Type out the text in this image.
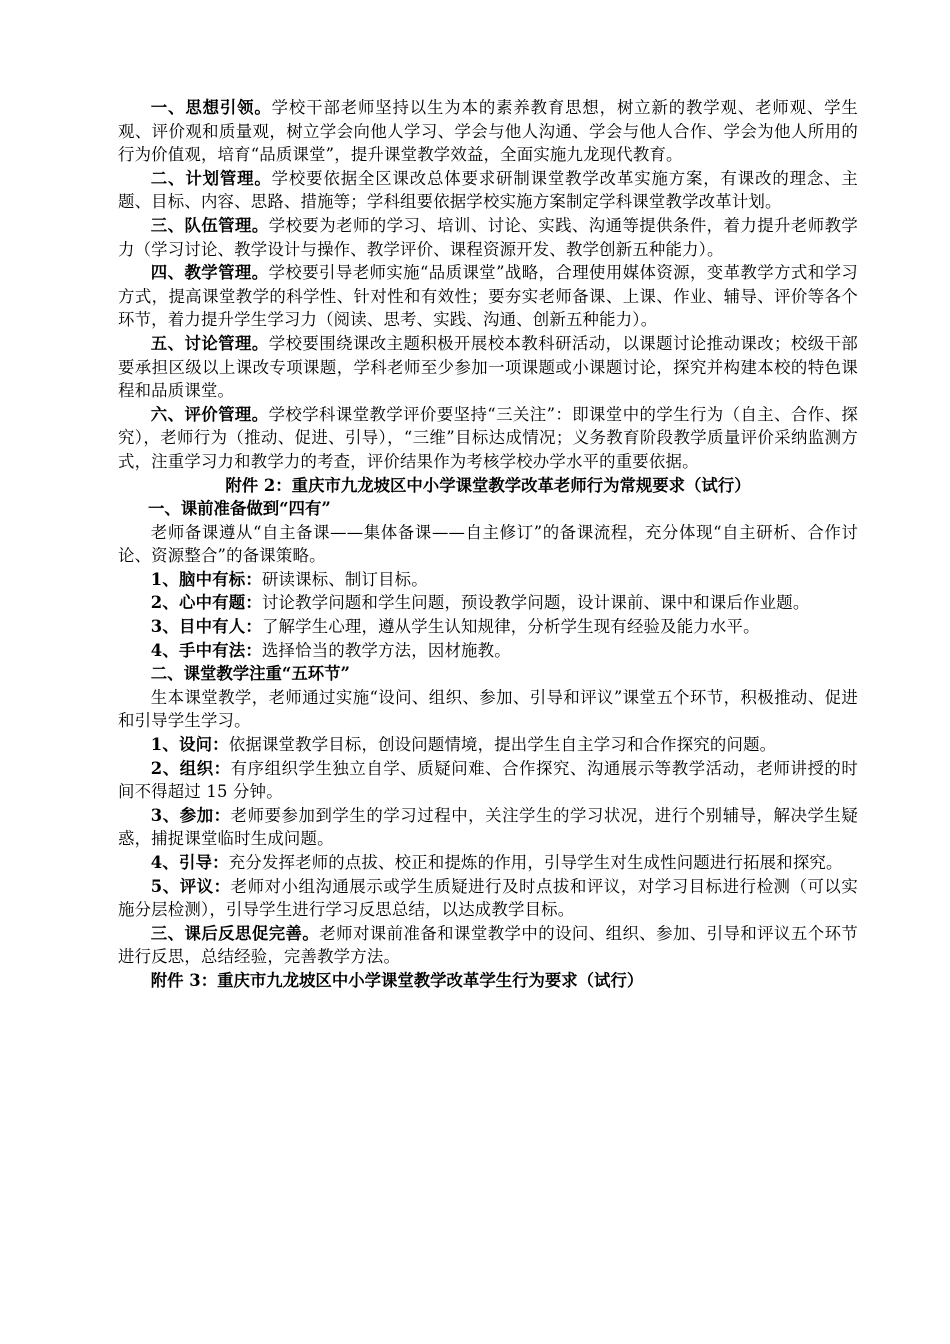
一、思想引领。学校干部老师坚持以生为本的素养教育思想，树立新的教学观、老师观、学生观、评价观和质量观，树立学会向他人学习、学会与他人沟通、学会与他人合作、学会为他人所用的行为价值观，培育“品质课堂”，提升课堂教学效益，全面实施九龙现代教育。

二、计划管理。学校要依据全区课改总体要求研制课堂教学改革实施方案，有课改的理念、主题、目标、内容、思路、措施等；学科组要依据学校实施方案制定学科课堂教学改革计划。

三、队伍管理。学校要为老师的学习、培训、讨论、实践、沟通等提供条件，着力提升老师教学力（学习讨论、教学设计与操作、教学评价、课程资源开发、教学创新五种能力）。

四、教学管理。学校要引导老师实施“品质课堂”战略，合理使用媒体资源，变革教学方式和学习方式，提高课堂教学的科学性、针对性和有效性；要夯实老师备课、上课、作业、辅导、评价等各个环节，着力提升学生学习力（阅读、思考、实践、沟通、创新五种能力）。

五、讨论管理。学校要围绕课改主题积极开展校本教科研活动，以课题讨论推动课改；校级干部要承担区级以上课改专项课题，学科老师至少参加一项课题或小课题讨论，探究并构建本校的特色课程和品质课堂。

六、评价管理。学校学科课堂教学评价要坚持“三关注”：即课堂中的学生行为（自主、合作、探究），老师行为（推动、促进、引导），“三维”目标达成情况；义务教育阶段教学质量评价采纳监测方式，注重学习力和教学力的考查，评价结果作为考核学校办学水平的重要依据。

附件 2：重庆市九龙坡区中小学课堂教学改革老师行为常规要求（试行）

一、课前准备做到“四有”

老师备课遵从“自主备课——集体备课——自主修订”的备课流程，充分体现“自主研析、合作讨论、资源整合”的备课策略。

1、脑中有标：研读课标、制订目标。

2、心中有题：讨论教学问题和学生问题，预设教学问题，设计课前、课中和课后作业题。

3、目中有人：了解学生心理，遵从学生认知规律，分析学生现有经验及能力水平。

4、手中有法：选择恰当的教学方法，因材施教。

二、课堂教学注重“五环节”

生本课堂教学，老师通过实施“设问、组织、参加、引导和评议”课堂五个环节，积极推动、促进和引导学生学习。

1、设问：依据课堂教学目标，创设问题情境，提出学生自主学习和合作探究的问题。

2、组织：有序组织学生独立自学、质疑问难、合作探究、沟通展示等教学活动，老师讲授的时间不得超过 15 分钟。

3、参加：老师要参加到学生的学习过程中，关注学生的学习状况，进行个别辅导，解决学生疑惑，捕捉课堂临时生成问题。

4、引导：充分发挥老师的点拔、校正和提炼的作用，引导学生对生成性问题进行拓展和探究。

5、评议：老师对小组沟通展示或学生质疑进行及时点拔和评议，对学习目标进行检测（可以实施分层检测），引导学生进行学习反思总结，以达成教学目标。

三、课后反思促完善。老师对课前准备和课堂教学中的设问、组织、参加、引导和评议五个环节进行反思，总结经验，完善教学方法。

附件 3：重庆市九龙坡区中小学课堂教学改革学生行为要求（试行）
